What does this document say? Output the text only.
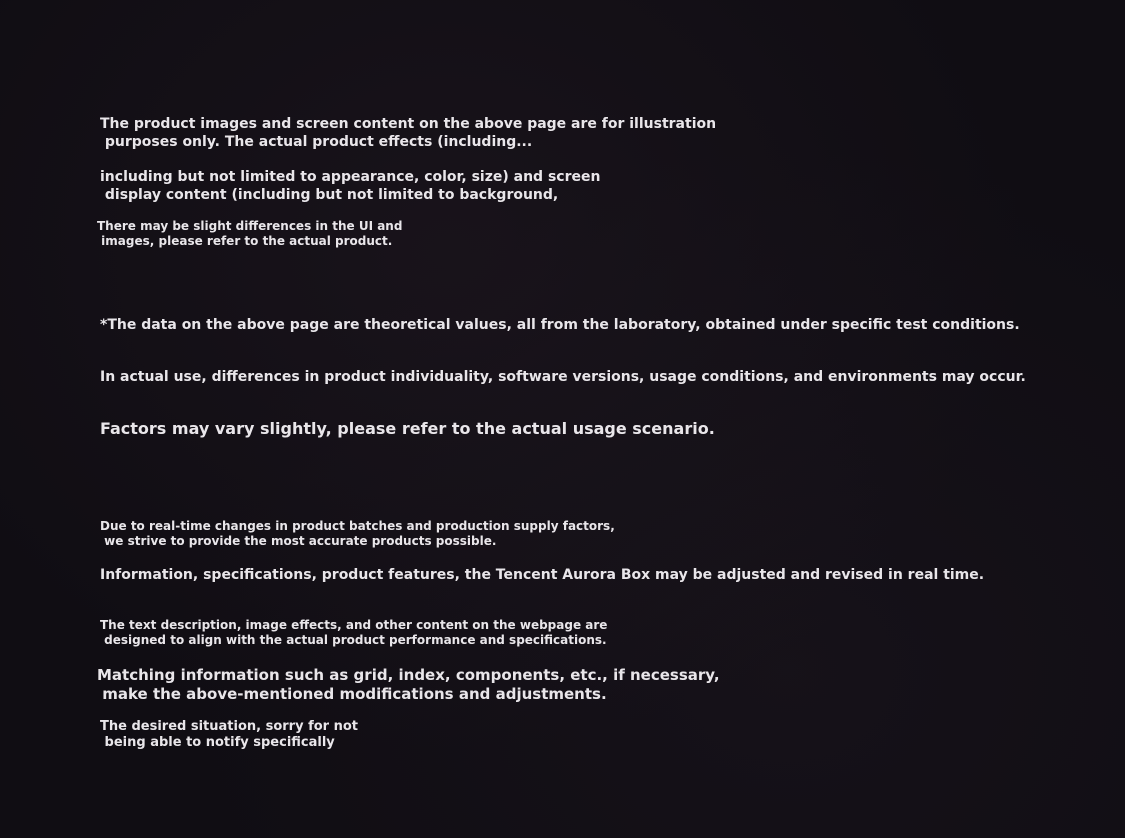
The product images and screen content on the above page are for illustration
purposes only. The actual product effects (including...

including but not limited to appearance, color, size) and screen
display content (including but not limited to background,

There may be slight differences in the UI and
images, please refer to the actual product.

*The data on the above page are theoretical values, all from the laboratory, obtained under specific test conditions.

In actual use, differences in product individuality, software versions, usage conditions, and environments may occur.

Factors may vary slightly, please refer to the actual usage scenario.

Due to real-time changes in product batches and production supply factors,
we strive to provide the most accurate products possible.

Information, specifications, product features, the Tencent Aurora Box may be adjusted and revised in real time.

The text description, image effects, and other content on the webpage are
designed to align with the actual product performance and specifications.

Matching information such as grid, index, components, etc., if necessary,
make the above-mentioned modifications and adjustments.

The desired situation, sorry for not
being able to notify specifically
